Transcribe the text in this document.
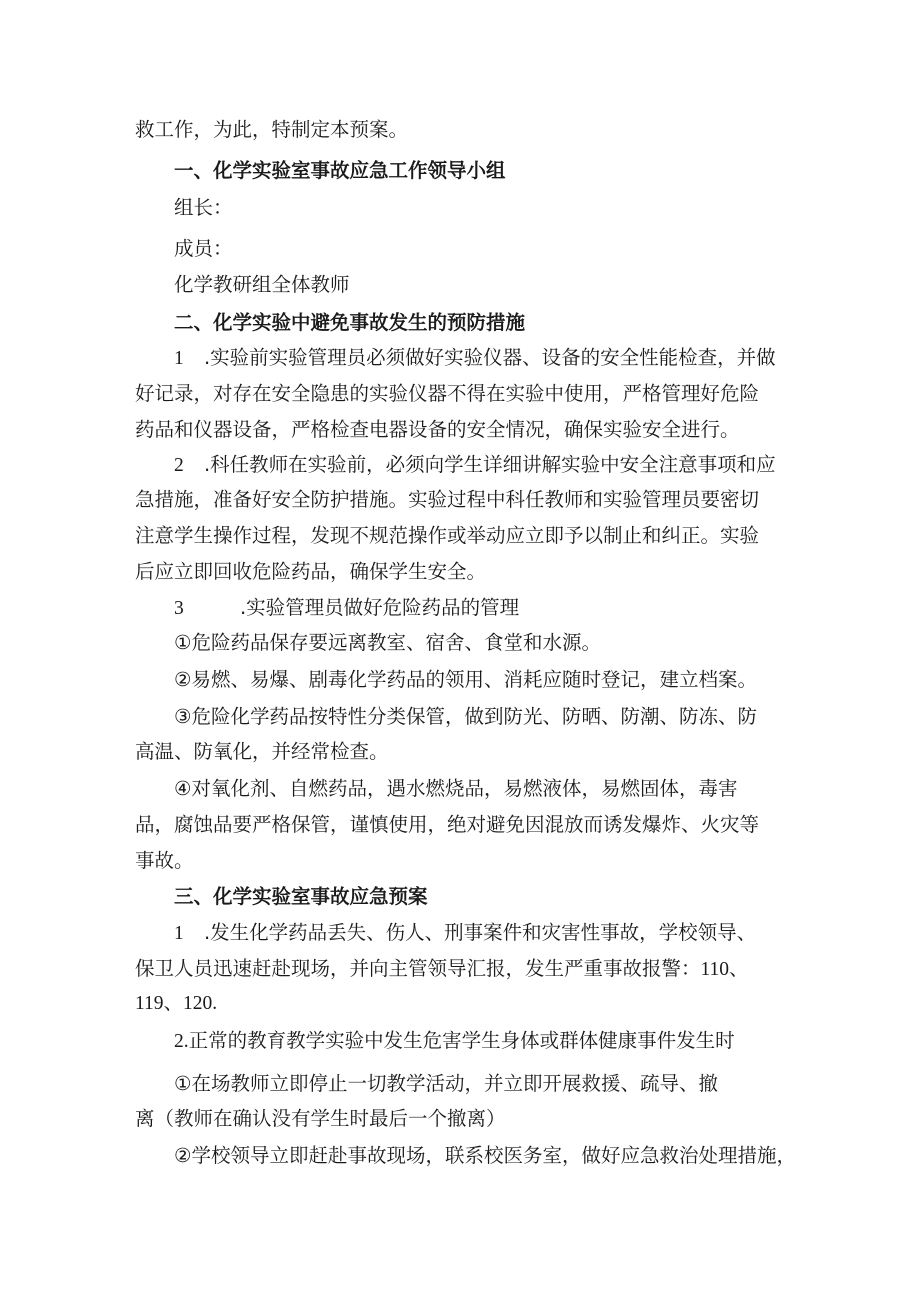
救工作，为此，特制定本预案。
一、化学实验室事故应急工作领导小组
组长：
成员：
化学教研组全体教师
二、化学实验中避免事故发生的预防措施
1 .实验前实验管理员必须做好实验仪器、设备的安全性能检查，并做
好记录，对存在安全隐患的实验仪器不得在实验中使用，严格管理好危险
药品和仪器设备，严格检查电器设备的安全情况，确保实验安全进行。
2 .科任教师在实验前，必须向学生详细讲解实验中安全注意事项和应
急措施，准备好安全防护措施。实验过程中科任教师和实验管理员要密切
注意学生操作过程，发现不规范操作或举动应立即予以制止和纠正。实验
后应立即回收危险药品，确保学生安全。
3	.实验管理员做好危险药品的管理
①危险药品保存要远离教室、宿舍、食堂和水源。
②易燃、易爆、剧毒化学药品的领用、消耗应随时登记，建立档案。
③危险化学药品按特性分类保管，做到防光、防晒、防潮、防冻、防
高温、防氧化，并经常检查。
④对氧化剂、自燃药品，遇水燃烧品，易燃液体，易燃固体，毒害
品，腐蚀品要严格保管，谨慎使用，绝对避免因混放而诱发爆炸、火灾等
事故。
三、化学实验室事故应急预案
1 .发生化学药品丢失、伤人、刑事案件和灾害性事故，学校领导、
保卫人员迅速赶赴现场，并向主管领导汇报，发生严重事故报警：110、
119、120.
2.正常的教育教学实验中发生危害学生身体或群体健康事件发生时
①在场教师立即停止一切教学活动，并立即开展救援、疏导、撤
离（教师在确认没有学生时最后一个撤离）
②学校领导立即赶赴事故现场，联系校医务室，做好应急救治处理措施，
